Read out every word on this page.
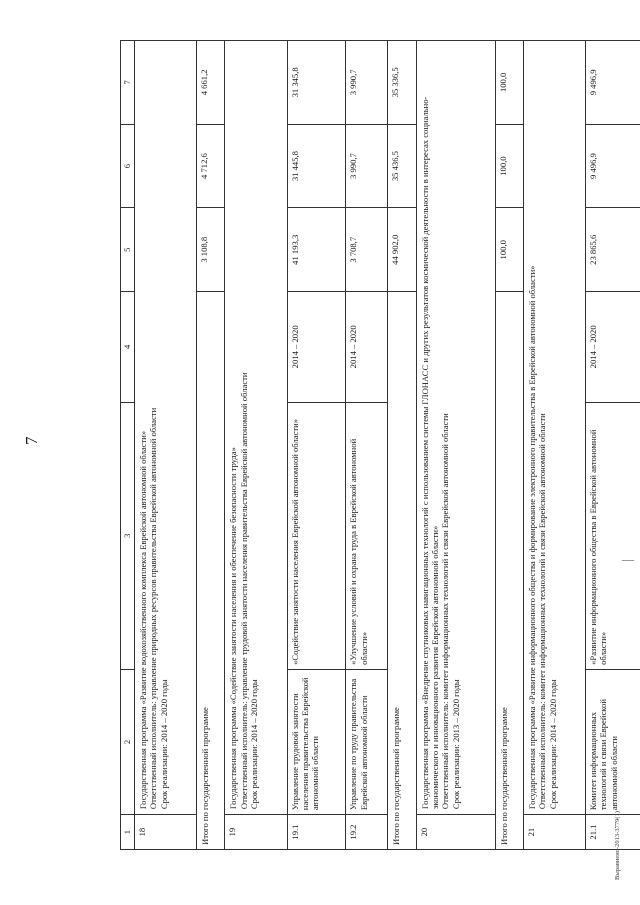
7
Выравнено-2013-3779(1)
1	2	3	4	5	6	7
18	Государственная программа «Развитие водохозяйственного комплекса Еврейской автономной области» Ответственный исполнитель: управление природных ресурсов правительства Еврейской автономной области Срок реализации: 2014 – 2020 годы					

Итого по государственной программе				3 108,8	4 712,6	4 661,2
19	Государственная программа «Содействие занятости населения и обеспечение безопасности труда» Ответственный исполнитель: управление трудовой занятости населения правительства Еврейской автономной области Срок реализации: 2014 – 2020 годы					

19.1	Управление трудовой занятости населения правительства Еврейской автономной области	«Содействие занятости населения Еврейской автономной области»	2014 – 2020	41 193,3	31 445,8	31 345,8
19.2	Управление по труду правительства Еврейской автономной области	«Улучшение условий и охрана труда в Еврейской автономной области»	2014 – 2020	3 708,7	3 990,7	3 990,7
Итого по государственной программе				44 902,0	35 436,5	35 336,5
20	Государственная программа «Внедрение спутниковых навигационных технологий с использованием системы ГЛОНАСС и других результатов космической деятельности в интересах социально-экономического и инновационного развития Еврейской автономной области» Ответственный исполнитель: комитет информационных технологий и связи Еврейской автономной области Срок реализации: 2013 – 2020 годы					

Итого по государственной программе				100,0	100,0	100,0
21	Государственная программа «Развитие информационного общества и формирование электронного правительства в Еврейской автономной области» Ответственный исполнитель: комитет информационных технологий и связи Еврейской автономной области Срок реализации: 2014 – 2020 годы					

21.1	Комитет информационных технологий и связи Еврейской автономной области	«Развитие информационного общества в Еврейской автономной области»	2014 – 2020	23 865,6	9 496,9	9 496,9
